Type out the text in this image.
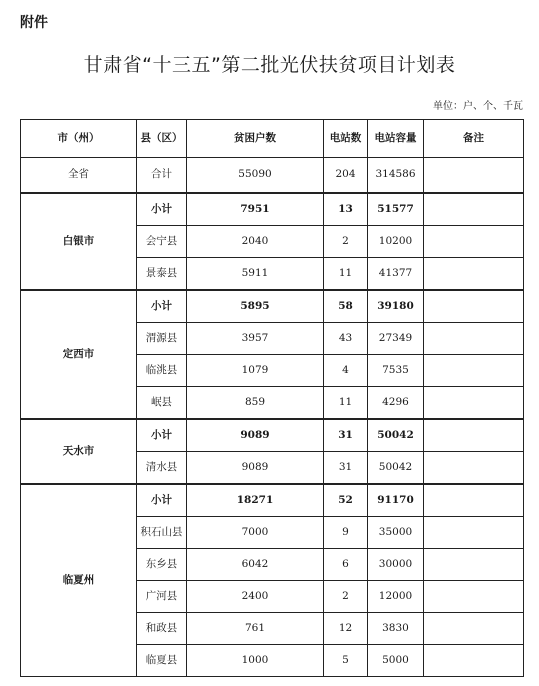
附件
甘肃省“十三五”第二批光伏扶贫项目计划表
单位：户、个、千瓦
市（州）	县（区）	贫困户数	电站数	电站容量	备注
全省	合计	55090	204	314586	
白银市	小计	7951	13	51577	
	会宁县	2040	2	10200	
	景泰县	5911	11	41377	
定西市	小计	5895	58	39180	
	渭源县	3957	43	27349	
	临洮县	1079	4	7535	
	岷县	859	11	4296	
天水市	小计	9089	31	50042	
	清水县	9089	31	50042	
临夏州	小计	18271	52	91170	
	积石山县	7000	9	35000	
	东乡县	6042	6	30000	
	广河县	2400	2	12000	
	和政县	761	12	3830	
	临夏县	1000	5	5000	
